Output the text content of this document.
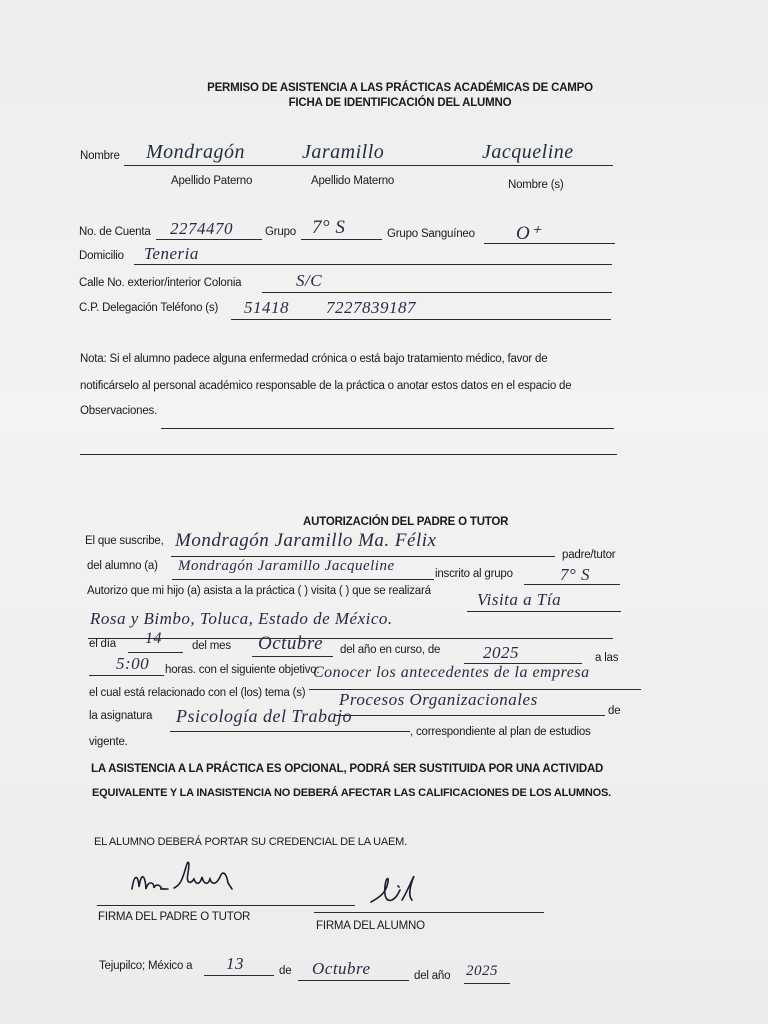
PERMISO DE ASISTENCIA A LAS PRÁCTICAS ACADÉMICAS DE CAMPO
FICHA DE IDENTIFICACIÓN DEL ALUMNO
Nombre Mondragón	Jaramillo	Jacqueline
Apellido Paterno	Apellido Materno	Nombre (s)
No. de Cuenta 2274470	Grupo 7° S	Grupo Sanguíneo O⁺
Domicilio Teneria
Calle No. exterior/interior Colonia	S/C
C.P. Delegación Teléfono (s) 51418 7227839187
Nota: Si el alumno padece alguna enfermedad crónica o está bajo tratamiento médico, favor de
notificárselo al personal académico responsable de la práctica o anotar estos datos en el espacio de
Observaciones.
AUTORIZACIÓN DEL PADRE O TUTOR
El que suscribe, Mondragón Jaramillo Ma. Félix
padre/tutor
del alumno (a) Mondragón Jaramillo Jacqueline	inscrito al grupo	7° S
Autorizo que mi hijo (a) asista a la práctica ( ) visita ( ) que se realizará	Visita a Tía
Rosa y Bimbo, Toluca, Estado de México.
el día 14	del mes Octubre del año en curso, de	2025	a las
5:00 horas. con el siguiente objetivo:
Conocer los antecedentes de la empresa
el cual está relacionado con el (los) tema (s) Procesos Organizacionales
de
la asignatura Psicología del Trabajo
, correspondiente al plan de estudios
vigente.
LA ASISTENCIA A LA PRÁCTICA ES OPCIONAL, PODRÁ SER SUSTITUIDA POR UNA ACTIVIDAD
EQUIVALENTE Y LA INASISTENCIA NO DEBERÁ AFECTAR LAS CALIFICACIONES DE LOS ALUMNOS.
EL ALUMNO DEBERÁ PORTAR SU CREDENCIAL DE LA UAEM.
FIRMA DEL PADRE O TUTOR
FIRMA DEL ALUMNO
Tejupilco; México a 13	de Octubre	del año 2025
